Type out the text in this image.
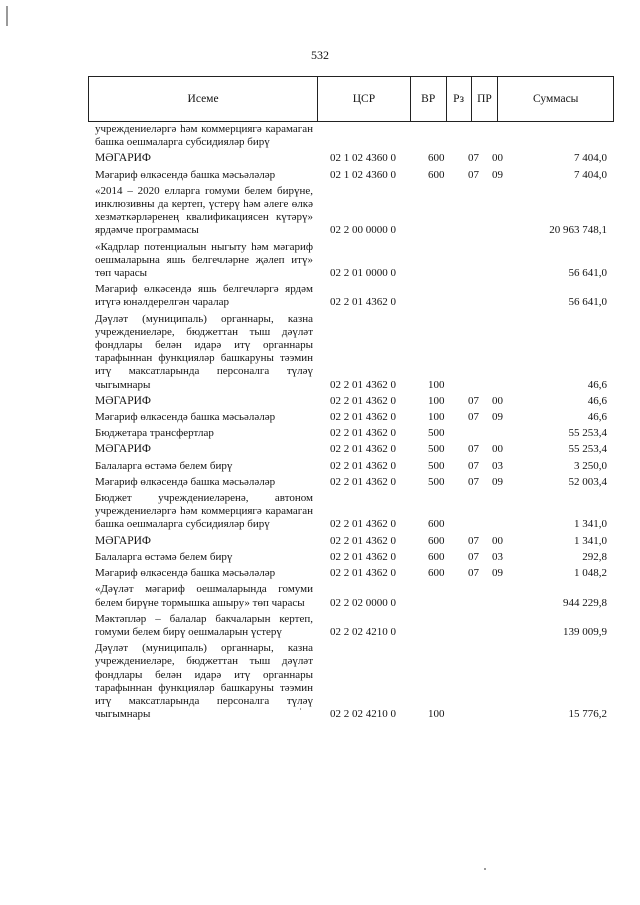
532
Исеме	ЦСР	ВР	Рз	ПР	Суммасы
учреждениеләргә һәм коммерциягә карамаган башка оешмаларга субсидияләр бирү
МӘГАРИФ	02 1 02 4360 0	600 07 00	7 404,0
Мәгариф өлкәсендә башка мәсьәләләр	02 1 02 4360 0	600 07 09	7 404,0
«2014 – 2020 елларга гомуми белем бирүне, инклюзивны да кертеп, үстерү һәм әлеге өлкә хезмәткәрләренең квалификациясен күтәрү» ярдәмче программасы	02 2 00 0000 0	20 963 748,1
«Кадрлар потенциалын ныгыту һәм мәгариф оешмаларына яшь белгечләрне җәлеп итү» төп чарасы	02 2 01 0000 0	56 641,0
Мәгариф өлкәсендә яшь белгечләргә ярдәм итүгә юнәлдерелгән чаралар	02 2 01 4362 0	56 641,0
Дәүләт (муниципаль) органнары, казна учреждениеләре, бюджеттан тыш дәүләт фондлары белән идарә итү органнары тарафыннан функцияләр башкаруны тәэмин итү максатларында персоналга түләү чыгымнары	02 2 01 4362 0	100	46,6
МӘГАРИФ	02 2 01 4362 0	100 07 00	46,6
Мәгариф өлкәсендә башка мәсьәләләр	02 2 01 4362 0	100 07 09	46,6
Бюджетара трансфертлар	02 2 01 4362 0	500	55 253,4
МӘГАРИФ	02 2 01 4362 0	500 07 00	55 253,4
Балаларга өстәмә белем бирү	02 2 01 4362 0	500 07 03	3 250,0
Мәгариф өлкәсендә башка мәсьәләләр	02 2 01 4362 0	500 07 09	52 003,4
Бюджет учреждениеләренә, автоном учреждениеләргә һәм коммерциягә карамаган башка оешмаларга субсидияләр бирү	02 2 01 4362 0	600	1 341,0
МӘГАРИФ	02 2 01 4362 0	600 07 00	1 341,0
Балаларга өстәмә белем бирү	02 2 01 4362 0	600 07 03	292,8
Мәгариф өлкәсендә башка мәсьәләләр	02 2 01 4362 0	600 07 09	1 048,2
«Дәүләт мәгариф оешмаларында гомуми белем бирүне тормышка ашыру» төп чарасы	02 2 02 0000 0	944 229,8
Мәктәпләр – балалар бакчаларын кертеп, гомуми белем бирү оешмаларын үстерү	02 2 02 4210 0	139 009,9
Дәүләт (муниципаль) органнары, казна учреждениеләре, бюджеттан тыш дәүләт фондлары белән идарә итү органнары тарафыннан функцияләр башкаруны тәэмин итү максатларында персоналга түләү чыгымнары	02 2 02 4210 0	100	15 776,2
